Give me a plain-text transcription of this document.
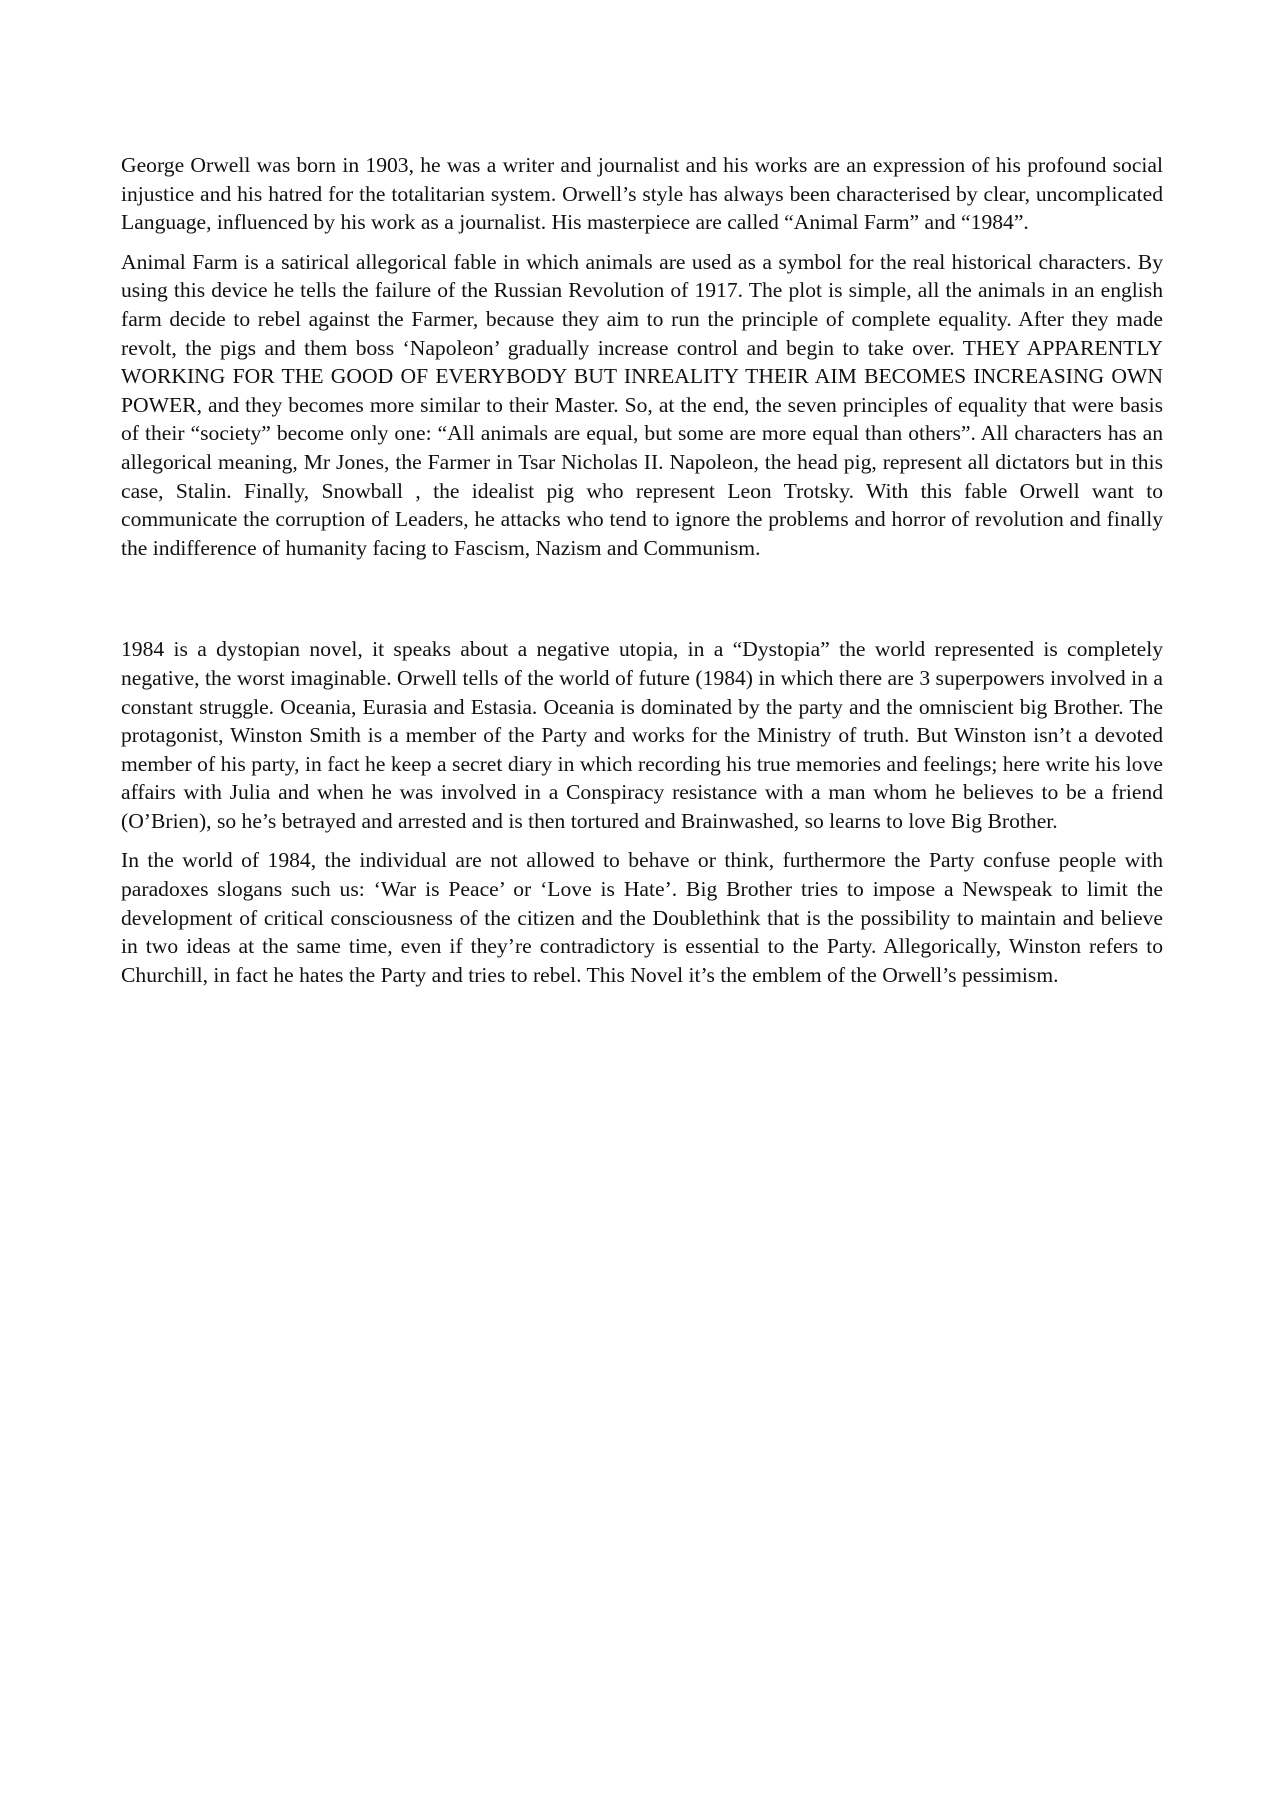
George Orwell was born in 1903, he was a writer and journalist and his works are an expression of his profound social injustice and his hatred for the totalitarian system. Orwell’s style has always been characterised by clear, uncomplicated Language, influenced by his work as a journalist. His masterpiece are called “Animal Farm” and “1984”.

Animal Farm is a satirical allegorical fable in which animals are used as a symbol for the real historical characters. By using this device he tells the failure of the Russian Revolution of 1917. The plot is simple, all the animals in an english farm decide to rebel against the Farmer, because they aim to run the principle of complete equality. After they made revolt, the pigs and them boss ‘Napoleon’ gradually increase control and begin to take over. THEY APPARENTLY WORKING FOR THE GOOD OF EVERYBODY BUT INREALITY THEIR AIM BECOMES INCREASING OWN POWER, and they becomes more similar to their Master. So, at the end, the seven principles of equality that were basis of their “society” become only one: “All animals are equal, but some are more equal than others”. All characters has an allegorical meaning, Mr Jones, the Farmer in Tsar Nicholas II. Napoleon, the head pig, represent all dictators but in this case, Stalin. Finally, Snowball , the idealist pig who represent Leon Trotsky. With this fable Orwell want to communicate the corruption of Leaders, he attacks who tend to ignore the problems and horror of revolution and finally the indifference of humanity facing to Fascism, Nazism and Communism.

1984 is a dystopian novel, it speaks about a negative utopia, in a “Dystopia” the world represented is completely negative, the worst imaginable. Orwell tells of the world of future (1984) in which there are 3 superpowers involved in a constant struggle. Oceania, Eurasia and Estasia. Oceania is dominated by the party and the omniscient big Brother. The protagonist, Winston Smith is a member of the Party and works for the Ministry of truth. But Winston isn’t a devoted member of his party, in fact he keep a secret diary in which recording his true memories and feelings; here write his love affairs with Julia and when he was involved in a Conspiracy resistance with a man whom he believes to be a friend (O’Brien), so he’s betrayed and arrested and is then tortured and Brainwashed, so learns to love Big Brother.

In the world of 1984, the individual are not allowed to behave or think, furthermore the Party confuse people with paradoxes slogans such us: ‘War is Peace’ or ‘Love is Hate’. Big Brother tries to impose a Newspeak to limit the development of critical consciousness of the citizen and the Doublethink that is the possibility to maintain and believe in two ideas at the same time, even if they’re contradictory is essential to the Party. Allegorically, Winston refers to Churchill, in fact he hates the Party and tries to rebel. This Novel it’s the emblem of the Orwell’s pessimism.
